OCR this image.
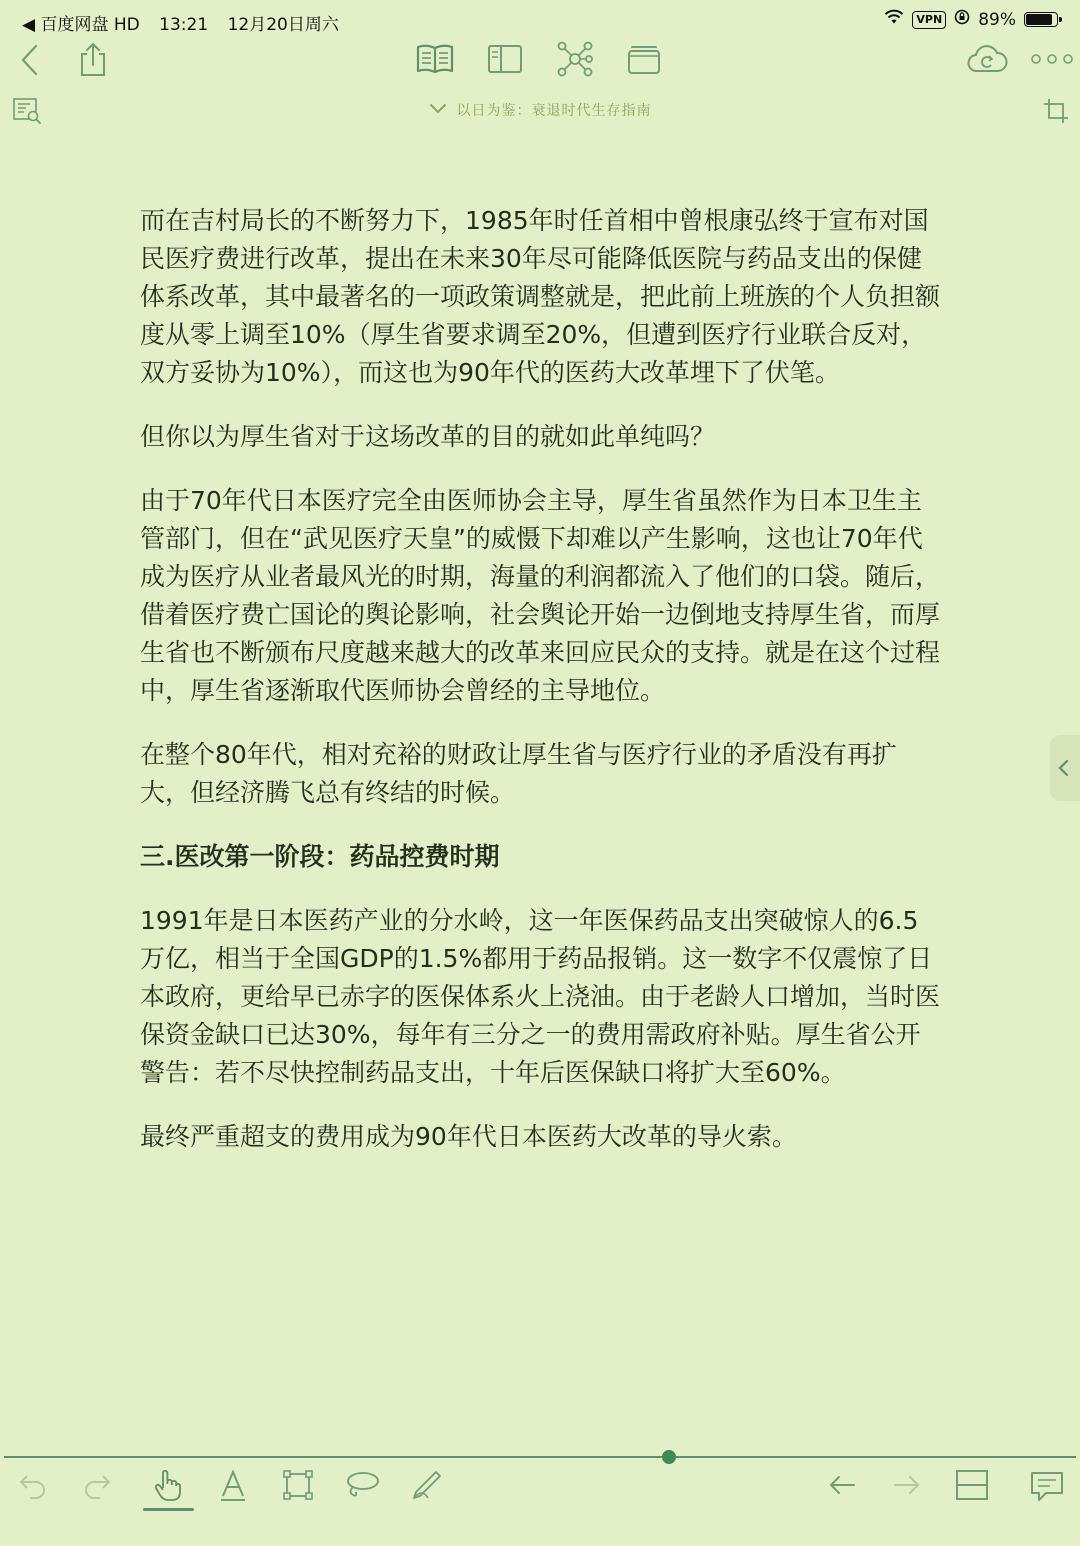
◀ 百度网盘 HD 13:21 12月20日周六	VPN 89%
以日为鉴：衰退时代生存指南

而在吉村局长的不断努力下，1985年时任首相中曾根康弘终于宣布对国民医疗费进行改革，提出在未来30年尽可能降低医院与药品支出的保健体系改革，其中最著名的一项政策调整就是，把此前上班族的个人负担额度从零上调至10%（厚生省要求调至20%，但遭到医疗行业联合反对，双方妥协为10%），而这也为90年代的医药大改革埋下了伏笔。

但你以为厚生省对于这场改革的目的就如此单纯吗？

由于70年代日本医疗完全由医师协会主导，厚生省虽然作为日本卫生主管部门，但在“武见医疗天皇”的威慑下却难以产生影响，这也让70年代成为医疗从业者最风光的时期，海量的利润都流入了他们的口袋。随后，借着医疗费亡国论的舆论影响，社会舆论开始一边倒地支持厚生省，而厚生省也不断颁布尺度越来越大的改革来回应民众的支持。就是在这个过程中，厚生省逐渐取代医师协会曾经的主导地位。

在整个80年代，相对充裕的财政让厚生省与医疗行业的矛盾没有再扩大，但经济腾飞总有终结的时候。

三.医改第一阶段：药品控费时期

1991年是日本医药产业的分水岭，这一年医保药品支出突破惊人的6.5万亿，相当于全国GDP的1.5%都用于药品报销。这一数字不仅震惊了日本政府，更给早已赤字的医保体系火上浇油。由于老龄人口增加，当时医保资金缺口已达30%，每年有三分之一的费用需政府补贴。厚生省公开警告：若不尽快控制药品支出，十年后医保缺口将扩大至60%。

最终严重超支的费用成为90年代日本医药大改革的导火索。
